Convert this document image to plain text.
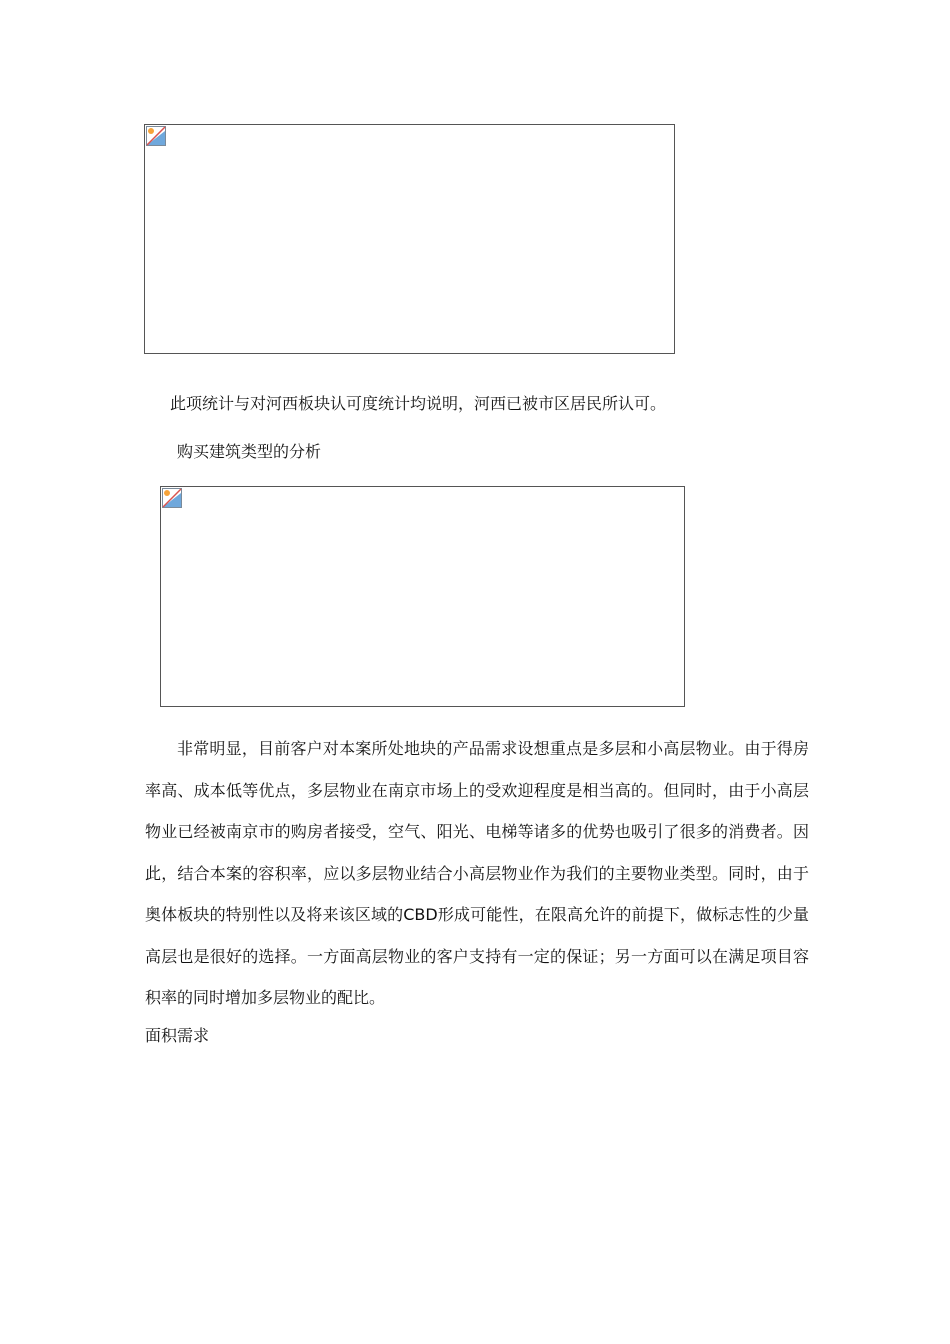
此项统计与对河西板块认可度统计均说明，河西已被市区居民所认可。
购买建筑类型的分析
非常明显，目前客户对本案所处地块的产品需求设想重点是多层和小高层物业。由于得房率高、成本低等优点，多层物业在南京市场上的受欢迎程度是相当高的。但同时，由于小高层物业已经被南京市的购房者接受，空气、阳光、电梯等诸多的优势也吸引了很多的消费者。因此，结合本案的容积率，应以多层物业结合小高层物业作为我们的主要物业类型。同时，由于奥体板块的特别性以及将来该区域的CBD形成可能性，在限高允许的前提下，做标志性的少量高层也是很好的选择。一方面高层物业的客户支持有一定的保证；另一方面可以在满足项目容积率的同时增加多层物业的配比。
面积需求
